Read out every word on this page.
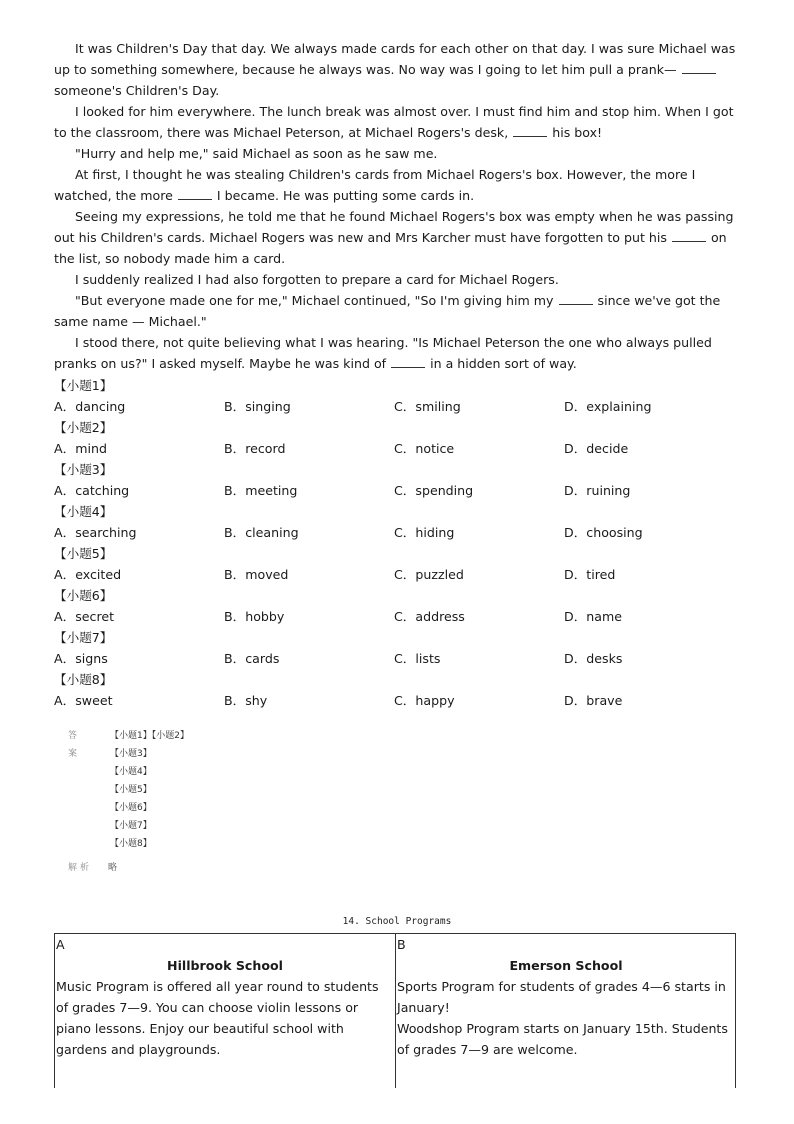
It was Children's Day that day. We always made cards for each other on that day. I was sure Michael was up to something somewhere, because he always was. No way was I going to let him pull a prank—someone's Children's Day.

I looked for him everywhere. The lunch break was almost over. I must find him and stop him. When I got to the classroom, there was Michael Peterson, at Michael Rogers's desk,	his box!

"Hurry and help me," said Michael as soon as he saw me.

At first, I thought he was stealing Children's cards from Michael Rogers's box. However, the more I watched, the more	I became. He was putting some cards in.

Seeing my expressions, he told me that he found Michael Rogers's box was empty when he was passing out his Children's cards. Michael Rogers was new and Mrs Karcher must have forgotten to put his	on the list, so nobody made him a card.

I suddenly realized I had also forgotten to prepare a card for Michael Rogers.

"But everyone made one for me," Michael continued, "So I'm giving him my	since we've got the same name — Michael."

I stood there, not quite believing what I was hearing. "Is Michael Peterson the one who always pulled pranks on us?" I asked myself. Maybe he was kind of	in a hidden sort of way.

【小题1】
A．dancing	B．singing	C．smiling	D．explaining
【小题2】
A．mind	B．record	C．notice	D．decide
【小题3】
A．catching	B．meeting	C．spending	D．ruining
【小题4】
A．searching	B．cleaning	C．hiding	D．choosing
【小题5】
A．excited	B．moved	C．puzzled	D．tired
【小题6】
A．secret	B．hobby	C．address	D．name
【小题7】
A．signs	B．cards	C．lists	D．desks
【小题8】
A．sweet	B．shy	C．happy	D．brave
答案
【小题1】【小题2】
【小题3】
【小题4】
【小题5】
【小题6】
【小题7】
【小题8】
解析 略
14. School Programs
A
Hillbrook School
Music Program is offered all year round to students of grades 7—9. You can choose violin lessons or piano lessons. Enjoy our beautiful school with gardens and playgrounds.
B
Emerson School
Sports Program for students of grades 4—6 starts in January!
Woodshop Program starts on January 15th. Students of grades 7—9 are welcome.
